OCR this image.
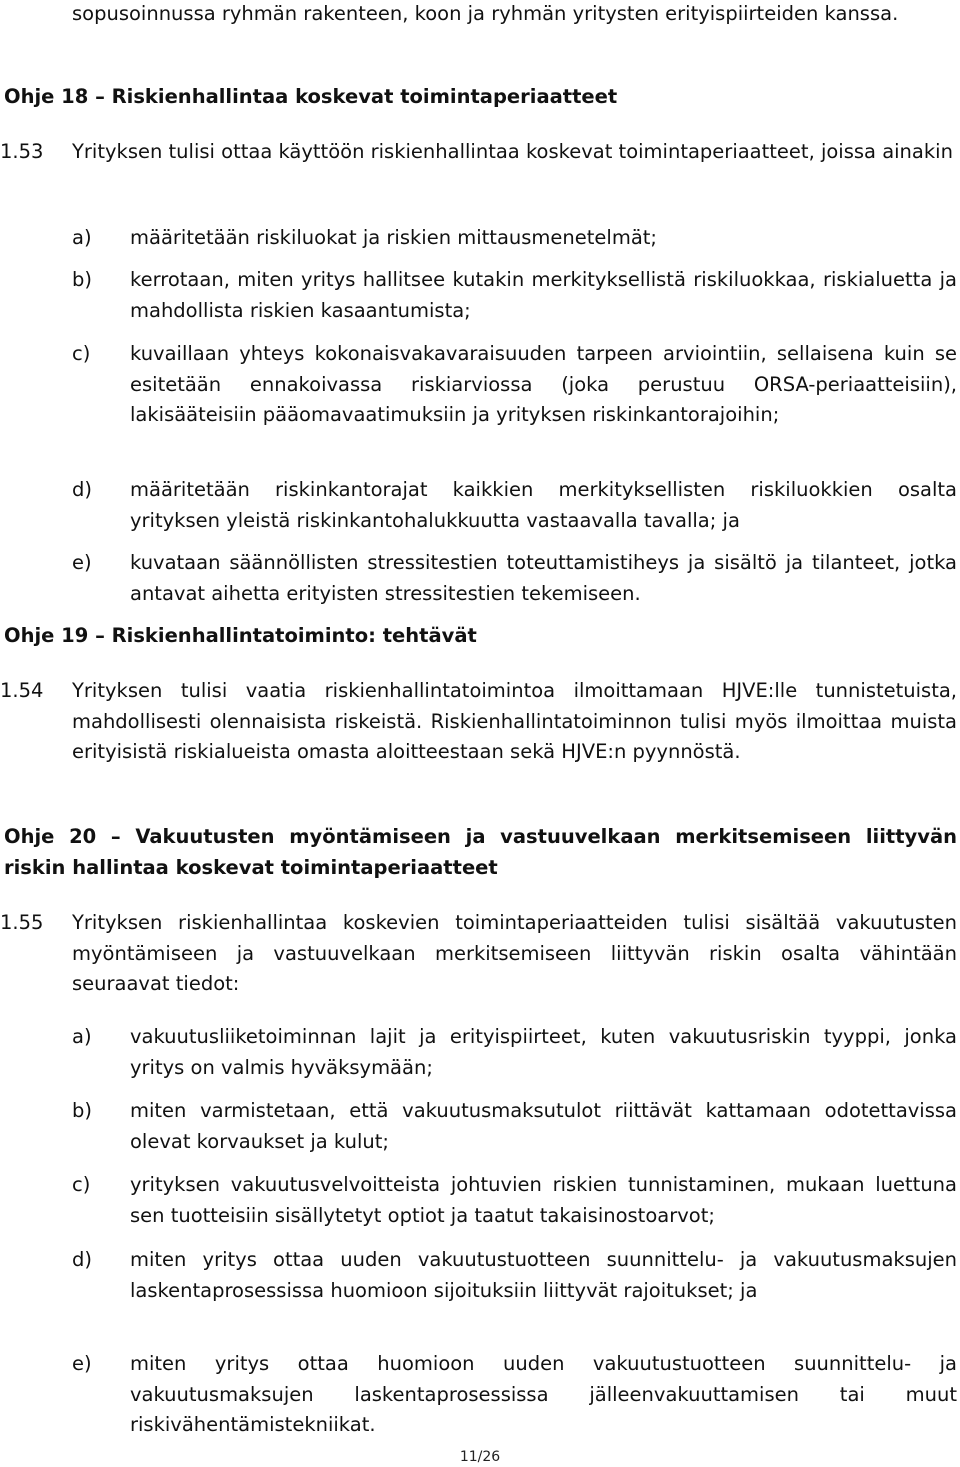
sopusoinnussa ryhmän rakenteen, koon ja ryhmän yritysten erityispiirteiden kanssa.

Ohje 18 – Riskienhallintaa koskevat toimintaperiaatteet
1.53 Yrityksen tulisi ottaa käyttöön riskienhallintaa koskevat toimintaperiaatteet, joissa ainakin
a) määritetään riskiluokat ja riskien mittausmenetelmät;
b) kerrotaan, miten yritys hallitsee kutakin merkityksellistä riskiluokkaa, riskialuetta ja mahdollista riskien kasaantumista;
c) kuvaillaan yhteys kokonaisvakavaraisuuden tarpeen arviointiin, sellaisena kuin se esitetään ennakoivassa riskiarviossa (joka perustuu ORSA-periaatteisiin), lakisääteisiin pääomavaatimuksiin ja yrityksen riskinkantorajoihin;
d) määritetään riskinkantorajat kaikkien merkityksellisten riskiluokkien osalta yrityksen yleistä riskinkantohalukkuutta vastaavalla tavalla; ja
e) kuvataan säännöllisten stressitestien toteuttamistiheys ja sisältö ja tilanteet, jotka antavat aihetta erityisten stressitestien tekemiseen.
Ohje 19 – Riskienhallintatoiminto: tehtävät
1.54 Yrityksen tulisi vaatia riskienhallintatoimintoa ilmoittamaan HJVE:lle tunnistetuista, mahdollisesti olennaisista riskeistä. Riskienhallintatoiminnon tulisi myös ilmoittaa muista erityisistä riskialueista omasta aloitteestaan sekä HJVE:n pyynnöstä.
Ohje 20 – Vakuutusten myöntämiseen ja vastuuvelkaan merkitsemiseen liittyvän riskin hallintaa koskevat toimintaperiaatteet
1.55 Yrityksen riskienhallintaa koskevien toimintaperiaatteiden tulisi sisältää vakuutusten myöntämiseen ja vastuuvelkaan merkitsemiseen liittyvän riskin osalta vähintään seuraavat tiedot:
a) vakuutusliiketoiminnan lajit ja erityispiirteet, kuten vakuutusriskin tyyppi, jonka yritys on valmis hyväksymään;
b) miten varmistetaan, että vakuutusmaksutulot riittävät kattamaan odotettavissa olevat korvaukset ja kulut;
c) yrityksen vakuutusvelvoitteista johtuvien riskien tunnistaminen, mukaan luettuna sen tuotteisiin sisällytetyt optiot ja taatut takaisinostoarvot;
d) miten yritys ottaa uuden vakuutustuotteen suunnittelu- ja vakuutusmaksujen laskentaprosessissa huomioon sijoituksiin liittyvät rajoitukset; ja
e) miten yritys ottaa huomioon uuden vakuutustuotteen suunnittelu- ja vakuutusmaksujen laskentaprosessissa jälleenvakuuttamisen tai muut riskivähentämistekniikat.
11/26
